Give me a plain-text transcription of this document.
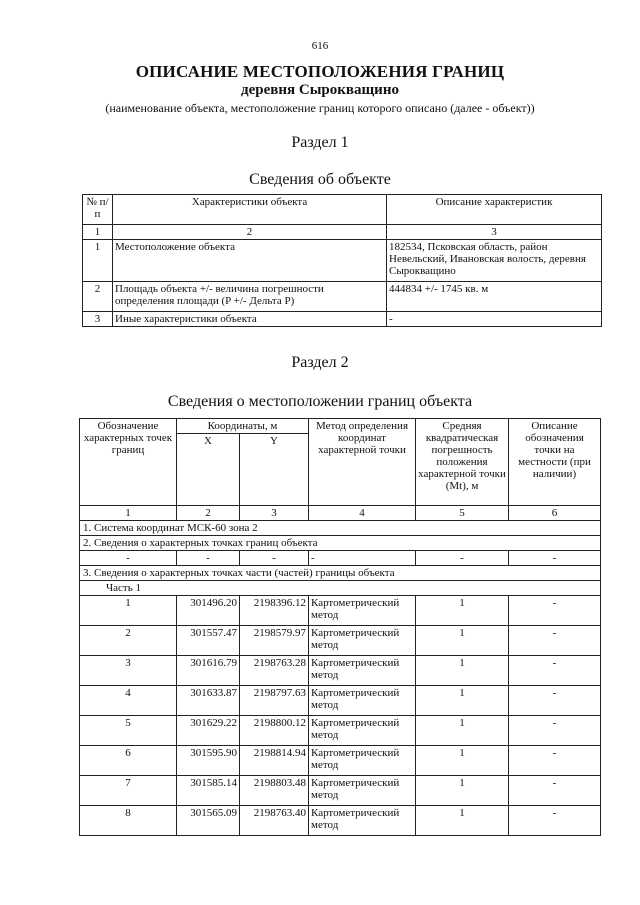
616
ОПИСАНИЕ МЕСТОПОЛОЖЕНИЯ ГРАНИЦ
деревня Сырокващино
(наименование объекта, местоположение границ которого описано (далее - объект))
Раздел 1
Сведения об объекте
№ п/п	Характеристики объекта	Описание характеристик
1	2	3
1	Местоположение объекта	182534, Псковская область, район Невельский, Ивановская волость, деревня Сырокващино
2	Площадь объекта +/- величина погрешности определения площади (P +/- Дельта P)	444834 +/- 1745 кв. м
3	Иные характеристики объекта	-
Раздел 2
Сведения о местоположении границ объекта
Обозначение характерных точек границ	Координаты, м		Метод определения координат характерной точки	Средняя квадратическая погрешность положения характерной точки (Mt), м	Описание обозначения точки на местности (при наличии)
	X	Y			
1	2	3	4	5	6
1. Система координат МСК-60 зона 2					
2. Сведения о характерных точках границ объекта					
-	-	-	-	-	-
3. Сведения о характерных точках части (частей) границы объекта					
Часть 1					
1	301496.20	2198396.12	Картометрический метод	1	-
2	301557.47	2198579.97	Картометрический метод	1	-
3	301616.79	2198763.28	Картометрический метод	1	-
4	301633.87	2198797.63	Картометрический метод	1	-
5	301629.22	2198800.12	Картометрический метод	1	-
6	301595.90	2198814.94	Картометрический метод	1	-
7	301585.14	2198803.48	Картометрический метод	1	-
8	301565.09	2198763.40	Картометрический метод	1	-
